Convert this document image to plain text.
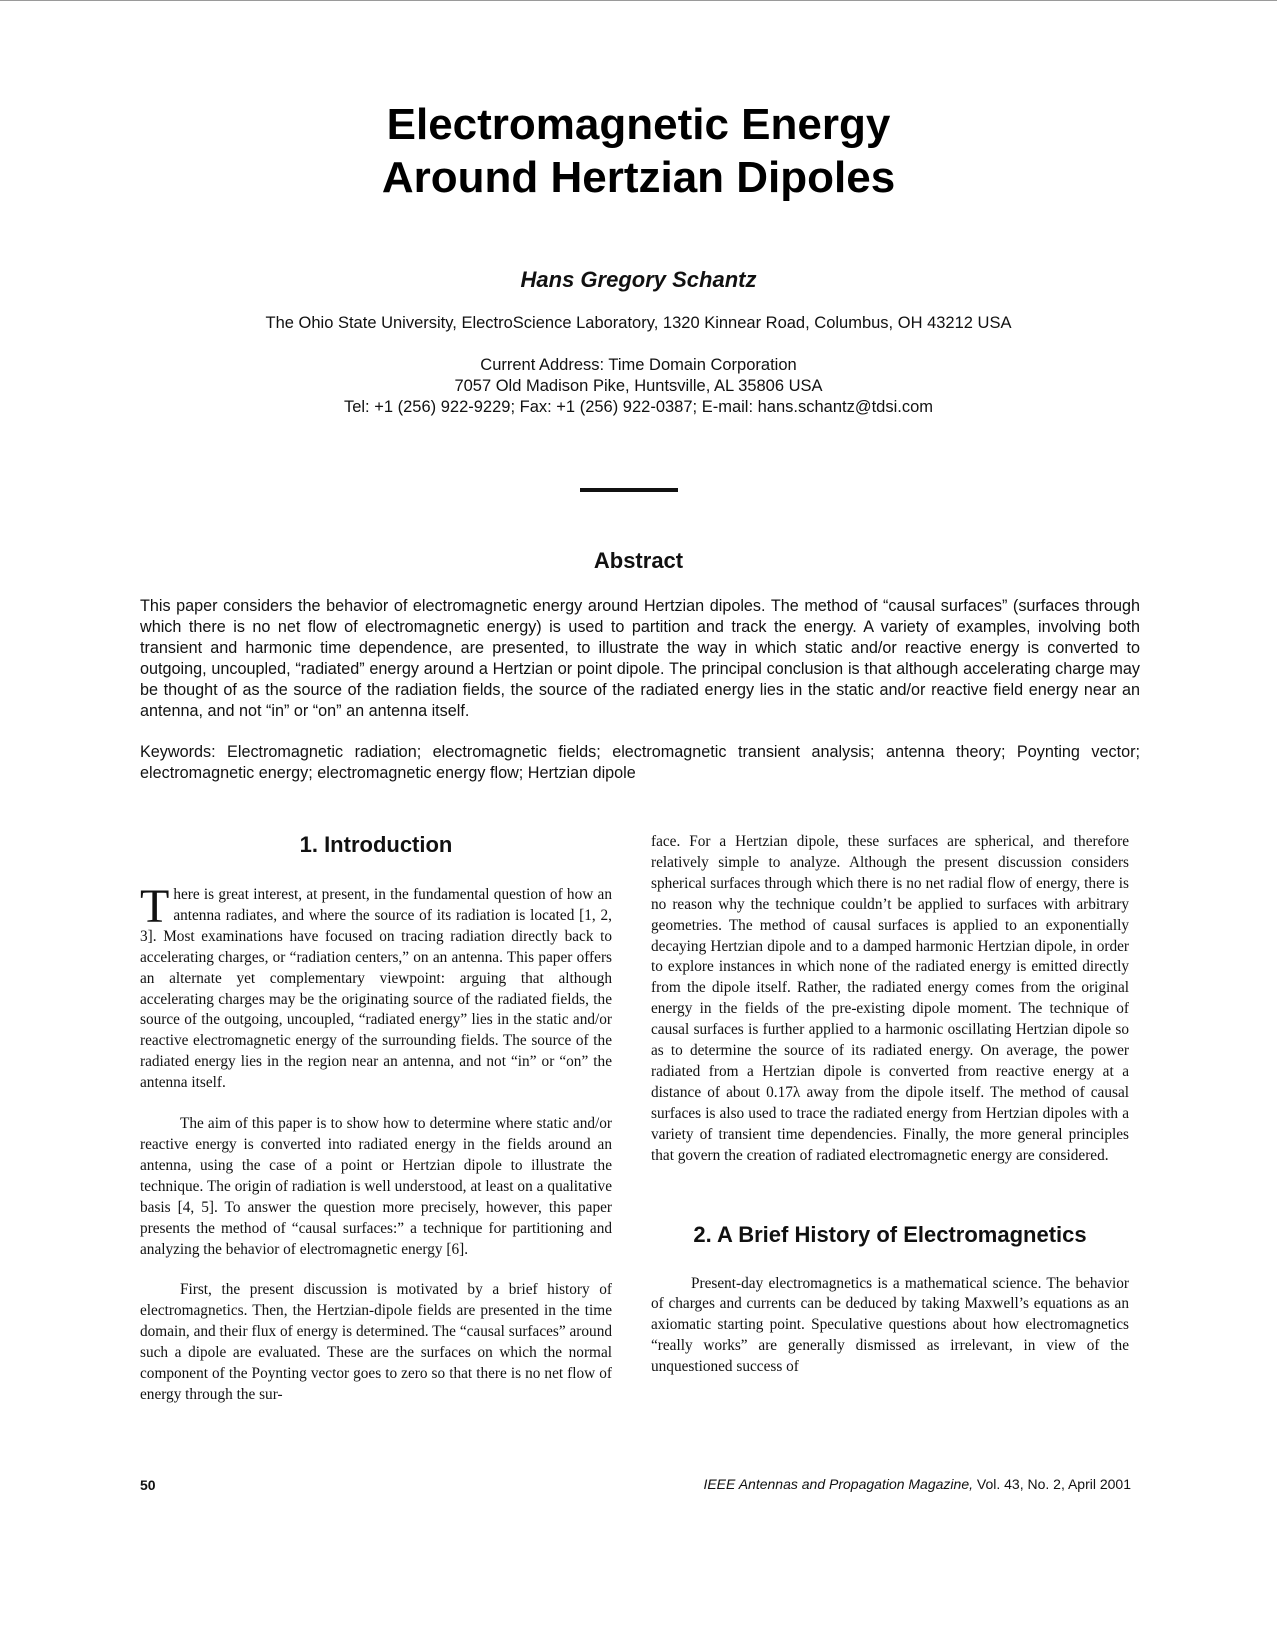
Electromagnetic Energy
Around Hertzian Dipoles
Hans Gregory Schantz
The Ohio State University, ElectroScience Laboratory, 1320 Kinnear Road, Columbus, OH 43212 USA
Current Address: Time Domain Corporation
7057 Old Madison Pike, Huntsville, AL 35806 USA
Tel: +1 (256) 922-9229; Fax: +1 (256) 922-0387; E-mail: hans.schantz@tdsi.com
Abstract

This paper considers the behavior of electromagnetic energy around Hertzian dipoles. The method of “causal surfaces” (surfaces through which there is no net flow of electromagnetic energy) is used to partition and track the energy. A variety of examples, involving both transient and harmonic time dependence, are presented, to illustrate the way in which static and/or reactive energy is converted to outgoing, uncoupled, “radiated” energy around a Hertzian or point dipole. The principal conclusion is that although accelerating charge may be thought of as the source of the radiation fields, the source of the radiated energy lies in the static and/or reactive field energy near an antenna, and not “in” or “on” an antenna itself.

Keywords: Electromagnetic radiation; electromagnetic fields; electromagnetic transient analysis; antenna theory; Poynting vector; electromagnetic energy; electromagnetic energy flow; Hertzian dipole

1. Introduction

There is great interest, at present, in the fundamental question of how an antenna radiates, and where the source of its radiation is located [1, 2, 3]. Most examinations have focused on tracing radiation directly back to accelerating charges, or “radiation centers,” on an antenna. This paper offers an alternate yet complementary viewpoint: arguing that although accelerating charges may be the originating source of the radiated fields, the source of the outgoing, uncoupled, “radiated energy” lies in the static and/or reactive electromagnetic energy of the surrounding fields. The source of the radiated energy lies in the region near an antenna, and not “in” or “on” the antenna itself.

The aim of this paper is to show how to determine where static and/or reactive energy is converted into radiated energy in the fields around an antenna, using the case of a point or Hertzian dipole to illustrate the technique. The origin of radiation is well understood, at least on a qualitative basis [4, 5]. To answer the question more precisely, however, this paper presents the method of “causal surfaces:” a technique for partitioning and analyzing the behavior of electromagnetic energy [6].

First, the present discussion is motivated by a brief history of electromagnetics. Then, the Hertzian-dipole fields are presented in the time domain, and their flux of energy is determined. The “causal surfaces” around such a dipole are evaluated. These are the surfaces on which the normal component of the Poynting vector goes to zero so that there is no net flow of energy through the sur-

face. For a Hertzian dipole, these surfaces are spherical, and therefore relatively simple to analyze. Although the present discussion considers spherical surfaces through which there is no net radial flow of energy, there is no reason why the technique couldn’t be applied to surfaces with arbitrary geometries. The method of causal surfaces is applied to an exponentially decaying Hertzian dipole and to a damped harmonic Hertzian dipole, in order to explore instances in which none of the radiated energy is emitted directly from the dipole itself. Rather, the radiated energy comes from the original energy in the fields of the pre-existing dipole moment. The technique of causal surfaces is further applied to a harmonic oscillating Hertzian dipole so as to determine the source of its radiated energy. On average, the power radiated from a Hertzian dipole is converted from reactive energy at a distance of about 0.17λ away from the dipole itself. The method of causal surfaces is also used to trace the radiated energy from Hertzian dipoles with a variety of transient time dependencies. Finally, the more general principles that govern the creation of radiated electromagnetic energy are considered.

2. A Brief History of Electromagnetics

Present-day electromagnetics is a mathematical science. The behavior of charges and currents can be deduced by taking Maxwell’s equations as an axiomatic starting point. Speculative questions about how electromagnetics “really works” are generally dismissed as irrelevant, in view of the unquestioned success of

50	IEEE Antennas and Propagation Magazine, Vol. 43, No. 2, April 2001
